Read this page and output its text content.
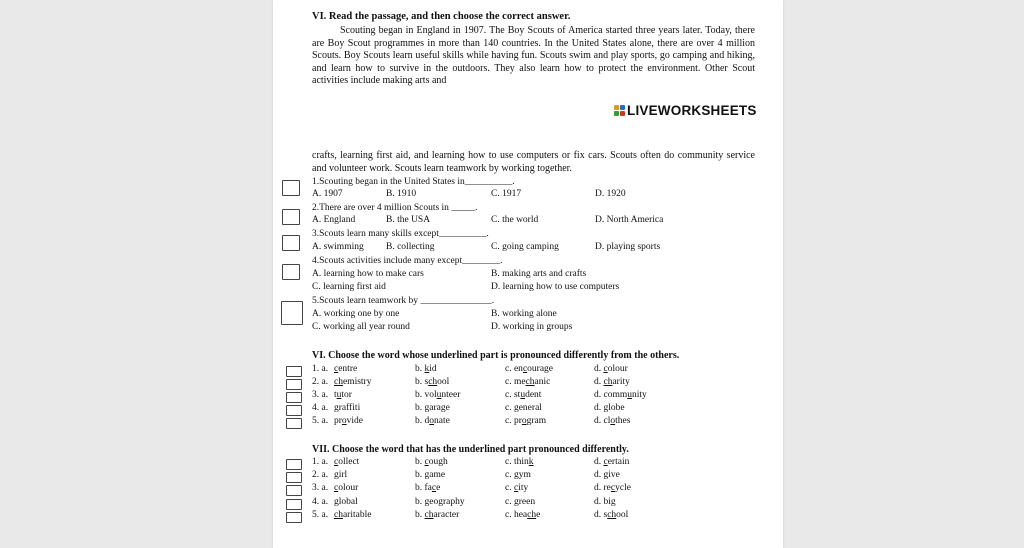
VI. Read the passage, and then choose the correct answer.
Scouting began in England in 1907. The Boy Scouts of America started three years later. Today, there are Boy Scout programmes in more than 140 countries. In the United States alone, there are over 4 million Scouts. Boy Scouts learn useful skills while having fun. Scouts swim and play sports, go camping and hiking, and learn how to survive in the outdoors. They also learn how to protect the environment. Other Scout activities include making arts and
LIVEWORKSHEETS
crafts, learning first aid, and learning how to use computers or fix cars. Scouts often do community service and volunteer work. Scouts learn teamwork by working together.
1.Scouting began in the United States in__________.
A. 1907	B. 1910	C. 1917	D. 1920
2.There are over 4 million Scouts in _____.
A. England	B. the USA	C. the world	D. North America
3.Scouts learn many skills except__________.
A. swimming B. collecting	C. going camping	D. playing sports
4.Scouts activities include many except________.
A. learning how to make cars	B. making arts and crafts
C. learning first aid	D. learning how to use computers
5.Scouts learn teamwork by _______________.
A. working one by one	B. working alone
C. working all year round	D. working in groups
VI. Choose the word whose underlined part is pronounced differently from the others.
1. a. centre	b. kid	c. encourage	d. colour
2. a. chemistry	b. school	c. mechanic	d. charity
3. a. tutor	b. volunteer	c. student	d. community
4. a. graffiti	b. garage	c. general	d. globe
5. a. provide	b. donate	c. program	d. clothes
VII. Choose the word that has the underlined part pronounced differently.
1. a. collect	b. cough	c. think	d. certain
2. a. girl	b. game	c. gym	d. give
3. a. colour	b. face	c. city	d. recycle
4. a. global	b. geography	c. green	d. big
5. a. charitable	b. character	c. heache	d. school
